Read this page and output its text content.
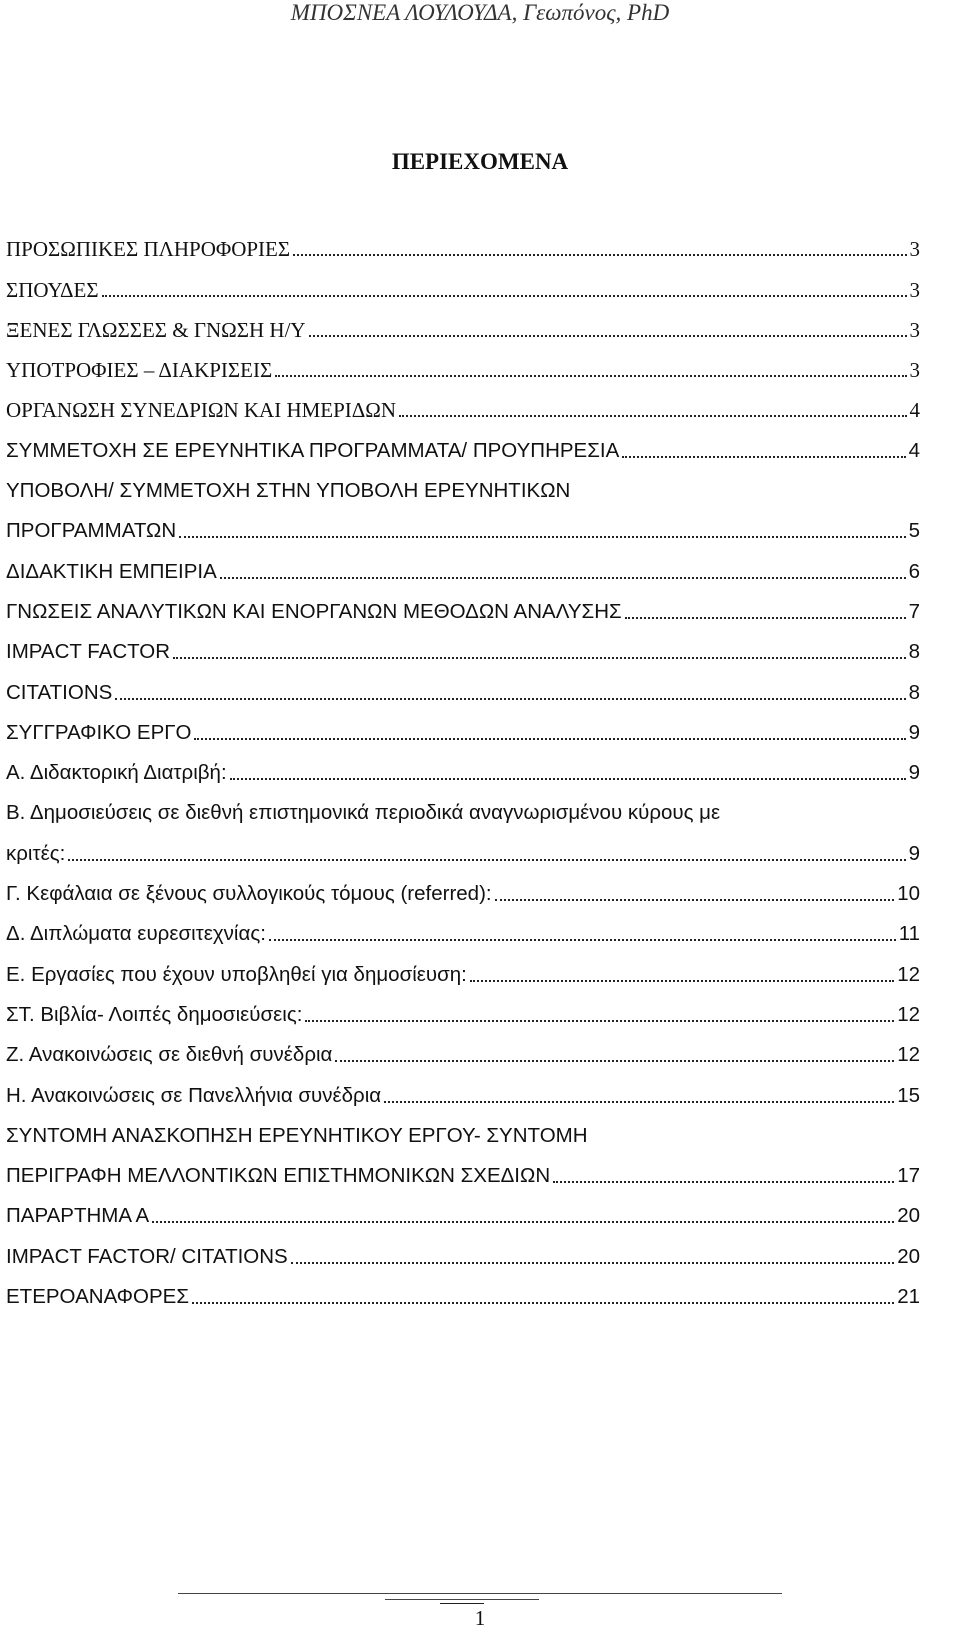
ΜΠΟΣΝΕΑ ΛΟΥΛΟΥΔΑ, Γεωπόνος, PhD
ΠΕΡΙΕΧΟΜΕΝΑ
ΠΡΟΣΩΠΙΚΕΣ ΠΛΗΡΟΦΟΡΙΕΣ	3
ΣΠΟΥΔΕΣ	3
ΞΕΝΕΣ ΓΛΩΣΣΕΣ & ΓΝΩΣΗ Η/Υ	3
ΥΠΟΤΡΟΦΙΕΣ – ΔΙΑΚΡΙΣΕΙΣ	3
ΟΡΓΑΝΩΣΗ ΣΥΝΕΔΡΙΩΝ ΚΑΙ ΗΜΕΡΙΔΩΝ	4
ΣΥΜΜΕΤΟΧΗ ΣΕ ΕΡΕΥΝΗΤΙΚΑ ΠΡΟΓΡΑΜΜΑΤΑ/ ΠΡΟΥΠΗΡΕΣΙΑ	4
ΥΠΟΒΟΛΗ/ ΣΥΜΜΕΤΟΧΗ ΣΤΗΝ ΥΠΟΒΟΛΗ ΕΡΕΥΝΗΤΙΚΩΝ
ΠΡΟΓΡΑΜΜΑΤΩΝ	5
ΔΙΔΑΚΤΙΚΗ ΕΜΠΕΙΡΙΑ	6
ΓΝΩΣΕΙΣ ΑΝΑΛΥΤΙΚΩΝ ΚΑΙ ΕΝΟΡΓΑΝΩΝ ΜΕΘΟΔΩΝ ΑΝΑΛΥΣΗΣ	7
IMPACT FACTOR	8
CITATIONS	8
ΣΥΓΓΡΑΦΙΚΟ ΕΡΓΟ	9
Α. Διδακτορική Διατριβή:	9
Β. Δημοσιεύσεις σε διεθνή επιστημονικά περιοδικά αναγνωρισμένου κύρους με
κριτές:	9
Γ. Κεφάλαια σε ξένους συλλογικούς τόμους (referred):	10
Δ. Διπλώματα ευρεσιτεχνίας:	11
Ε. Εργασίες που έχουν υποβληθεί για δημοσίευση:	12
ΣΤ. Βιβλία- Λοιπές δημοσιεύσεις:	12
Ζ. Ανακοινώσεις σε διεθνή συνέδρια	12
Η. Ανακοινώσεις σε Πανελλήνια συνέδρια	15
ΣΥΝΤΟΜΗ ΑΝΑΣΚΟΠΗΣΗ ΕΡΕΥΝΗΤΙΚΟΥ ΕΡΓΟΥ- ΣΥΝΤΟΜΗ
ΠΕΡΙΓΡΑΦΗ ΜΕΛΛΟΝΤΙΚΩΝ ΕΠΙΣΤΗΜΟΝΙΚΩΝ ΣΧΕΔΙΩΝ	17
ΠΑΡΑΡΤΗΜΑ Α	20
IMPACT FACTOR/ CITATIONS	20
ΕΤΕΡΟΑΝΑΦΟΡΕΣ	21
1
